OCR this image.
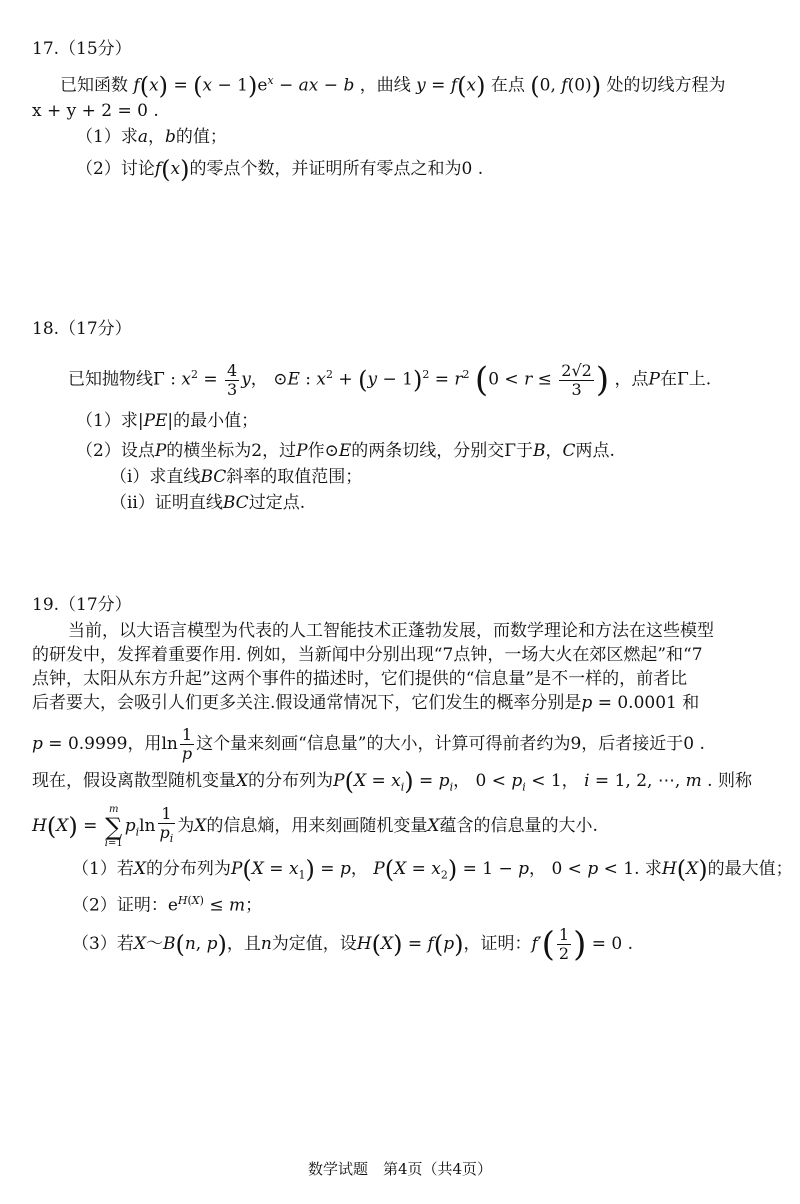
17.（15分）
已知函数 $f(x) = (x - 1)e^x$ − ax − b ，曲线 y = f(x) 在点 (0, f(0)) 处的切线方程为
x + y + 2 = 0 .
（1）求a，b的值；
（2）讨论f(x)的零点个数，并证明所有零点之和为0 .
18.（17分）
已知抛物线Γ : $x^2 = \frac{4}{3}$ y， ⊙E : $x^2 + (y - 1)^2 = r^2$ ($0 < r \le \frac{2√2}{3}$ ) ，点P在Γ上.
（1）求|PE|的最小值；
（2）设点P的横坐标为2，过P作⊙E的两条切线，分别交Γ于B，C两点.
（i）求直线BC斜率的取值范围；
（ii）证明直线BC过定点.
19.（17分）
当前，以大语言模型为代表的人工智能技术正蓬勃发展，而数学理论和方法在这些模型
的研发中，发挥着重要作用. 例如，当新闻中分别出现“7点钟，一场大火在郊区燃起”和“7
点钟，太阳从东方升起”这两个事件的描述时，它们提供的“信息量”是不一样的，前者比
后者要大，会吸引人们更多关注.假设通常情况下，它们发生的概率分别是p = 0.0001 和
p = 0.9999，用$\ln \frac{1}{p}$ 这个量来刻画“信息量”的大小，计算可得前者约为9，后者接近于0 .
现在，假设离散型随机变量X的分布列为$P(X = x_i) = p_i$， $0 < p_i < 1$， i = 1, 2, ⋯, m . 则称
H(X) = m
∑
$i=1p_i\ln \frac{1}{p_i}$ 为X的信息熵，用来刻画随机变量X蕴含的信息量的大小.
（1）若X的分布列为$P(X = x_1) = p$， $P(X = x_2) = 1 - p$， 0 < p < 1. 求H(X)的最大值；
（2）证明：$e^{H(X)} \le m$；
（3）若X～B(n, p)，且n为定值，设H(X) = f(p)，证明：$f'( \frac{1}{2}$ ) = 0 .
数学试题　第4页（共4页）
